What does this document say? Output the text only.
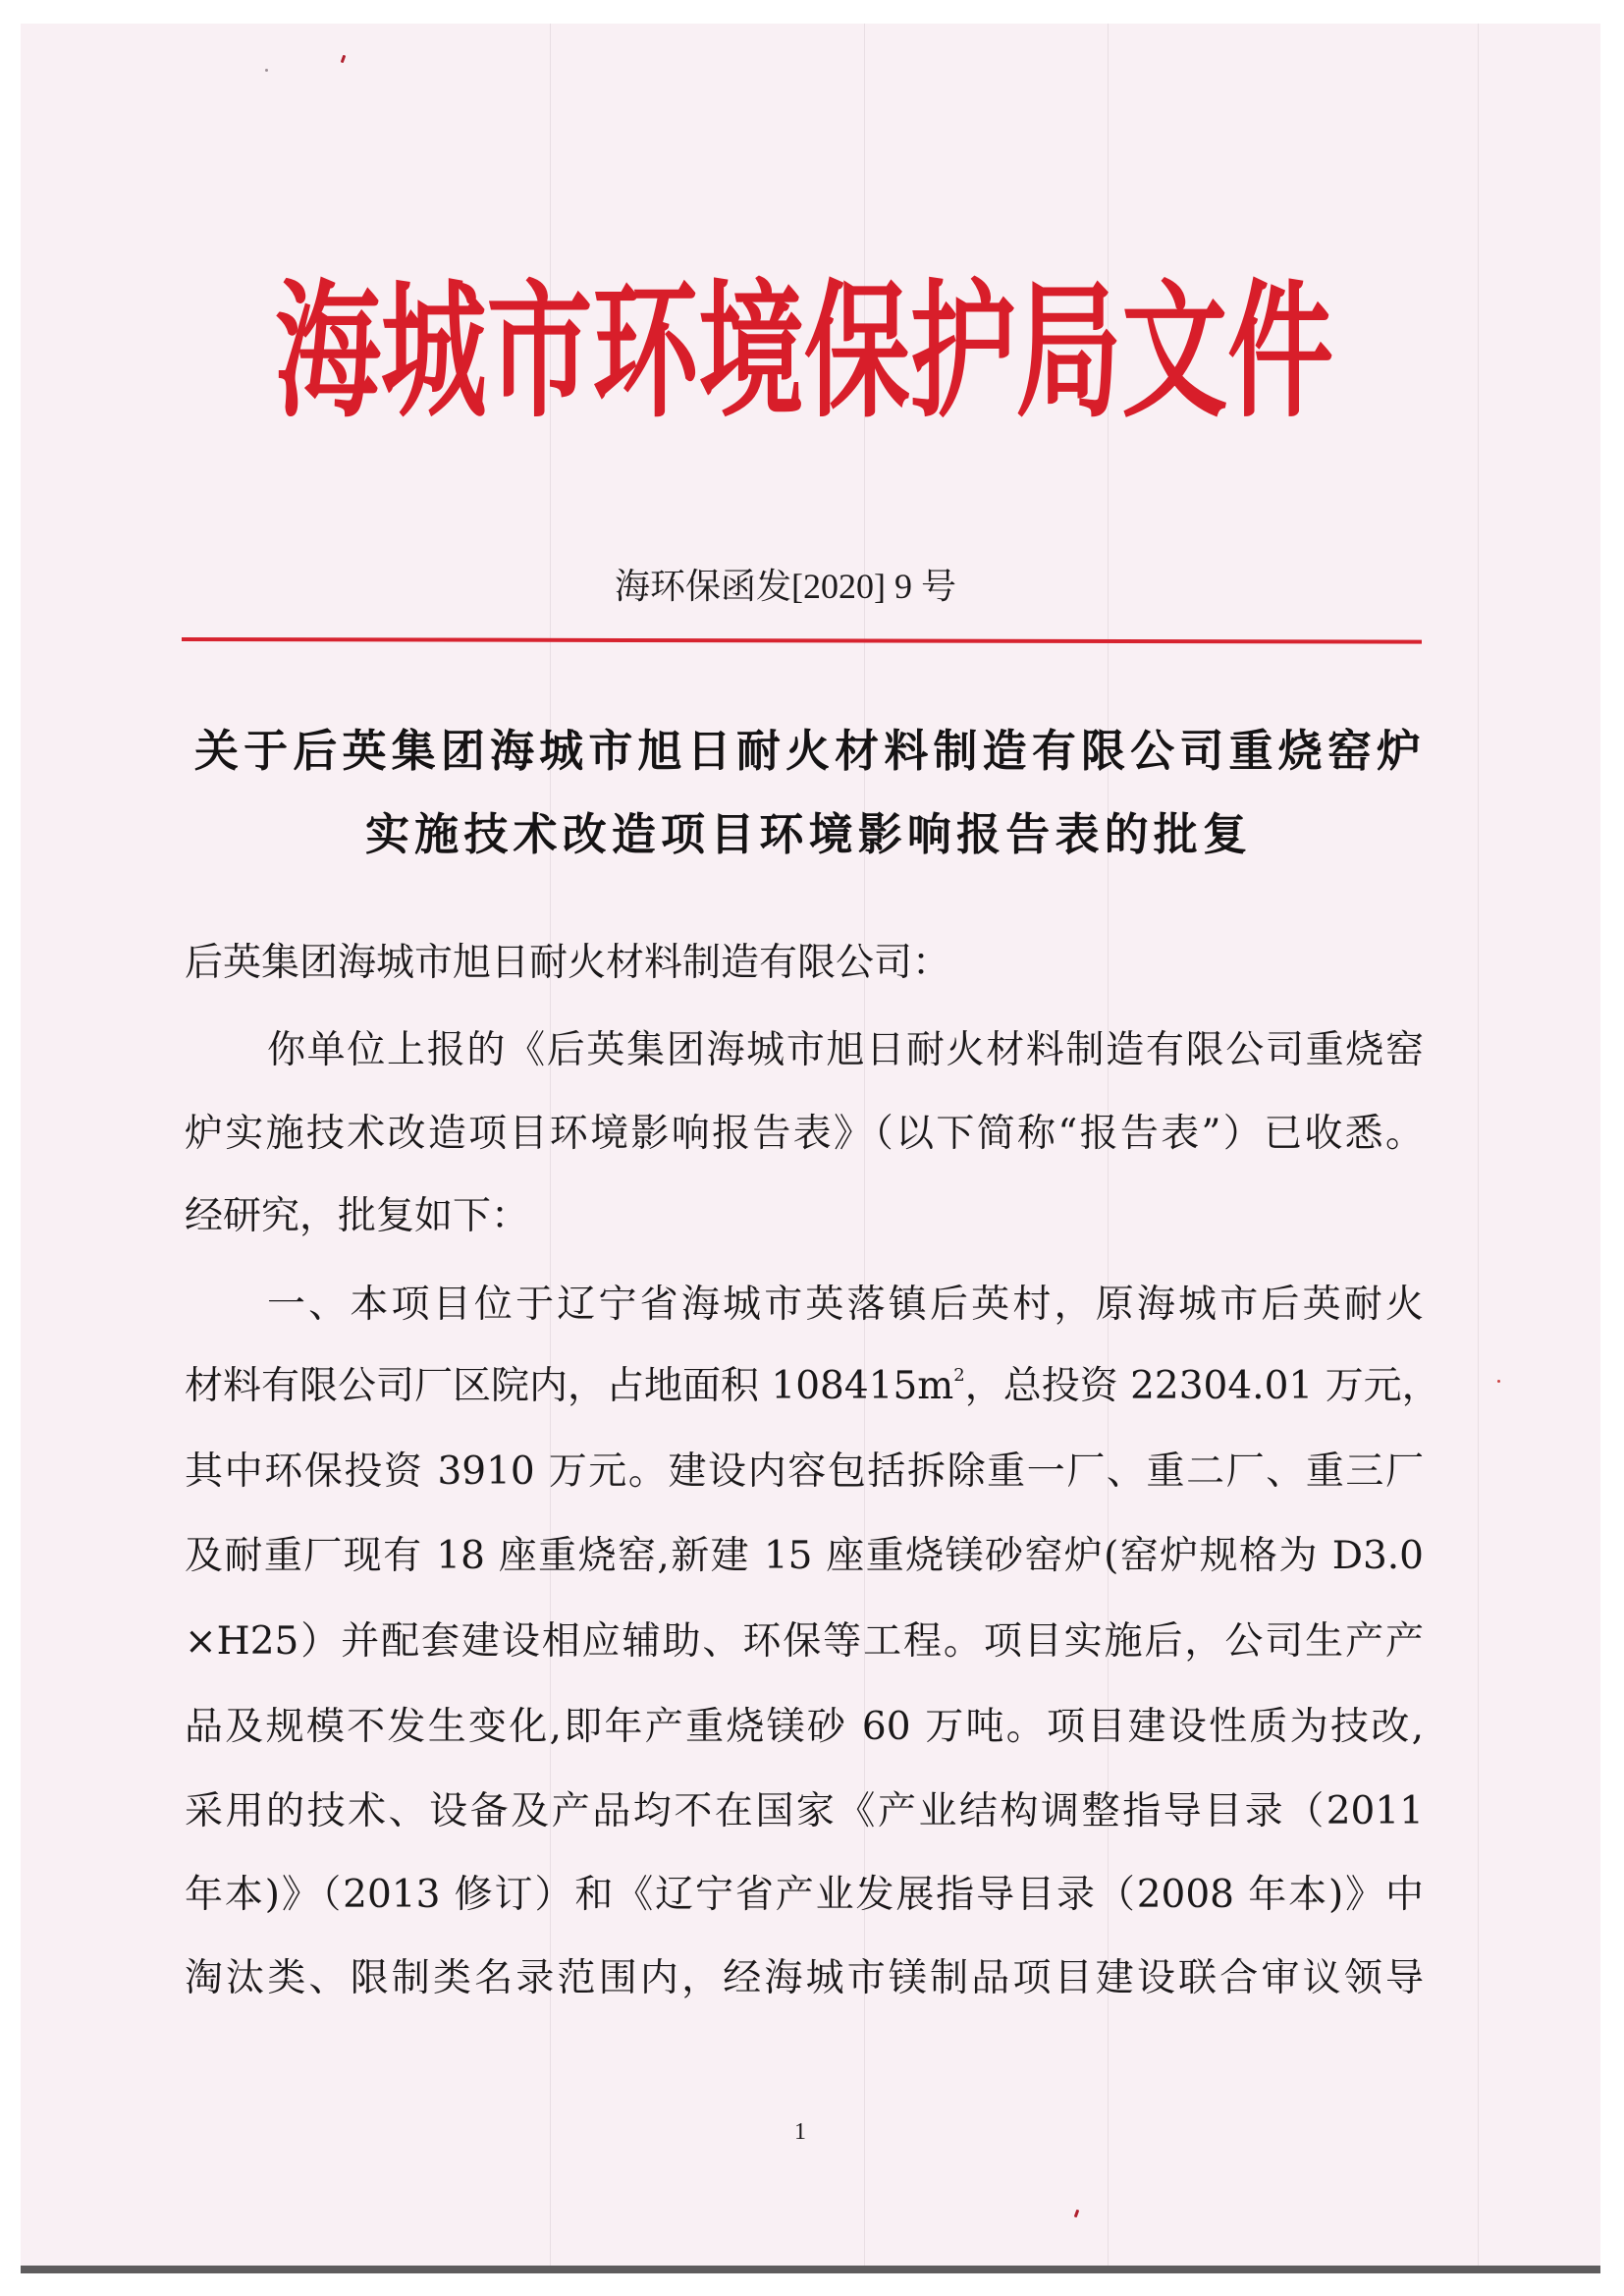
海城市环境保护局文件
海环保函发[2020] 9 号
关于后英集团海城市旭日耐火材料制造有限公司重烧窑炉
实施技术改造项目环境影响报告表的批复
后英集团海城市旭日耐火材料制造有限公司：
你单位上报的《后英集团海城市旭日耐火材料制造有限公司重烧窑
炉实施技术改造项目环境影响报告表》（以下简称“报告表”）已收悉。
经研究，批复如下：
一、本项目位于辽宁省海城市英落镇后英村，原海城市后英耐火
材料有限公司厂区院内，占地面积 $108415m^2$，总投资 22304.01 万元，
其中环保投资 3910 万元。建设内容包括拆除重一厂、重二厂、重三厂
及耐重厂现有 18 座重烧窑,新建 15 座重烧镁砂窑炉(窑炉规格为 D3.0
×H25）并配套建设相应辅助、环保等工程。项目实施后，公司生产产
品及规模不发生变化,即年产重烧镁砂 60 万吨。项目建设性质为技改,
采用的技术、设备及产品均不在国家《产业结构调整指导目录（2011
年本)》（2013 修订）和《辽宁省产业发展指导目录（2008 年本)》中
淘汰类、限制类名录范围内，经海城市镁制品项目建设联合审议领导
1
